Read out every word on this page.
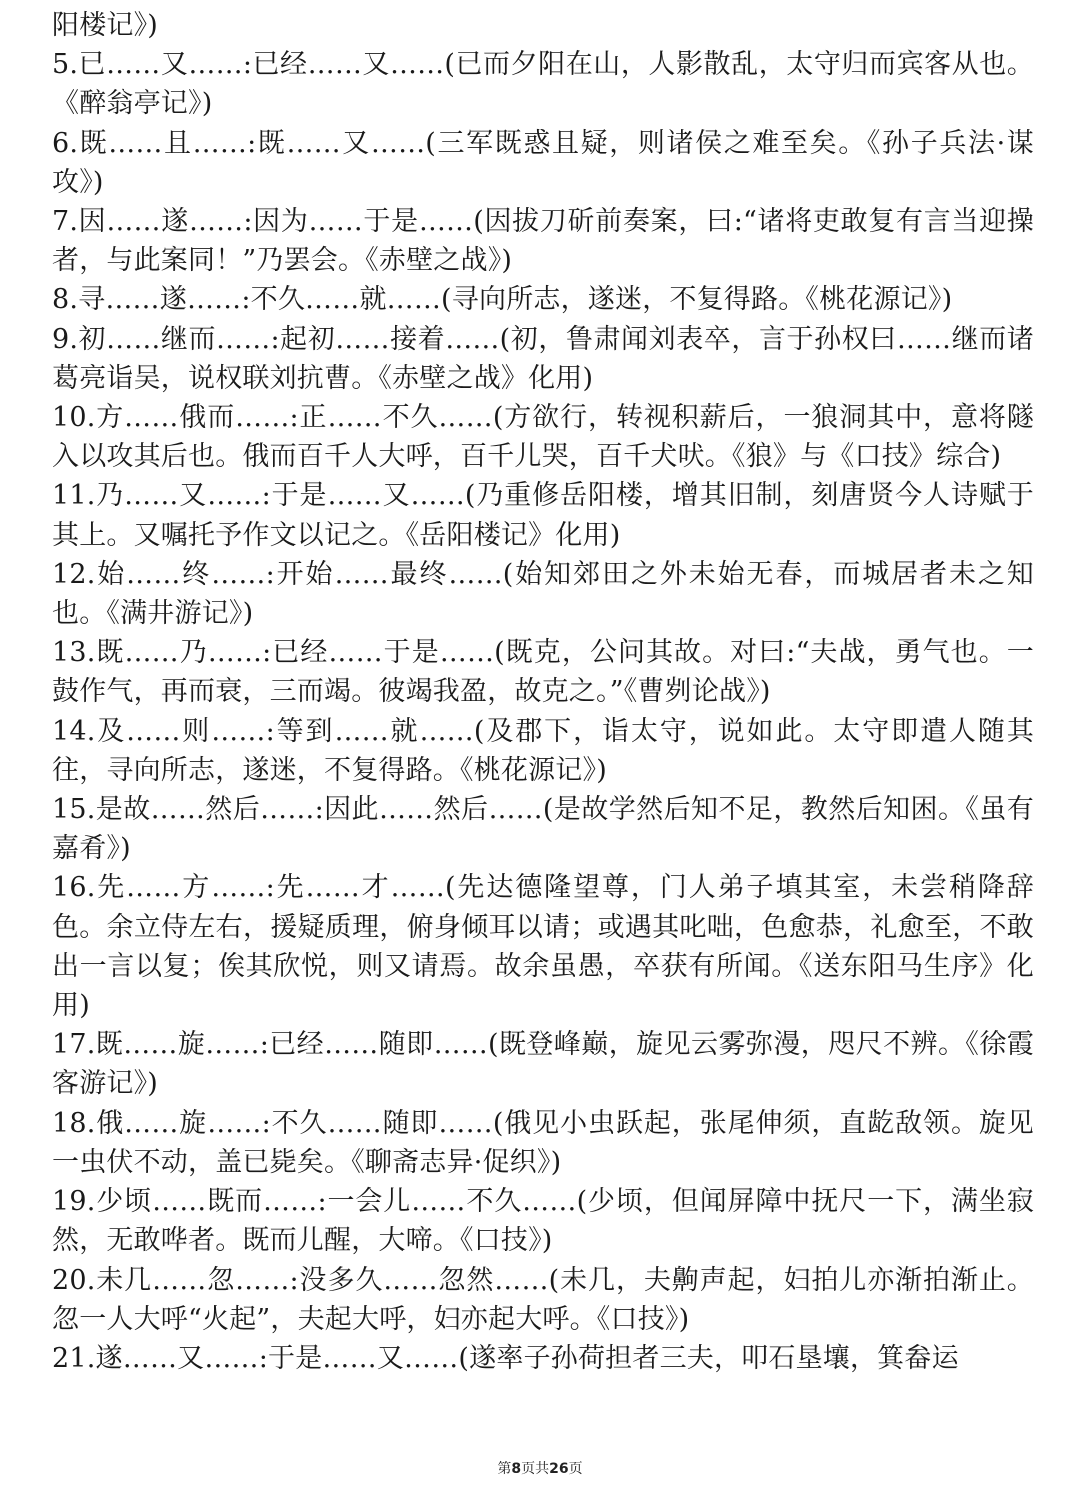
阳楼记》)

5.已……又……:已经……又……(已而夕阳在山，人影散乱，太守归而宾客从也。《醉翁亭记》)

6.既……且……:既……又……(三军既惑且疑，则诸侯之难至矣。《孙子兵法·谋攻》)

7.因……遂……:因为……于是……(因拔刀斫前奏案，曰:“诸将吏敢复有言当迎操者，与此案同！”乃罢会。《赤壁之战》)

8.寻……遂……:不久……就……(寻向所志，遂迷，不复得路。《桃花源记》)

9.初……继而……:起初……接着……(初，鲁肃闻刘表卒，言于孙权曰……继而诸葛亮诣吴，说权联刘抗曹。《赤壁之战》化用)

10.方……俄而……:正……不久……(方欲行，转视积薪后，一狼洞其中，意将隧入以攻其后也。俄而百千人大呼，百千儿哭，百千犬吠。《狼》与《口技》综合)

11.乃……又……:于是……又……(乃重修岳阳楼，增其旧制，刻唐贤今人诗赋于其上。又嘱托予作文以记之。《岳阳楼记》化用)

12.始……终……:开始……最终……(始知郊田之外未始无春，而城居者未之知也。《满井游记》)

13.既……乃……:已经……于是……(既克，公问其故。对曰:“夫战，勇气也。一鼓作气，再而衰，三而竭。彼竭我盈，故克之。”《曹刿论战》)

14.及……则……:等到……就……(及郡下，诣太守，说如此。太守即遣人随其往，寻向所志，遂迷，不复得路。《桃花源记》)

15.是故……然后……:因此……然后……(是故学然后知不足，教然后知困。《虽有嘉肴》)

16.先……方……:先……才……(先达德隆望尊，门人弟子填其室，未尝稍降辞色。余立侍左右，援疑质理，俯身倾耳以请；或遇其叱咄，色愈恭，礼愈至，不敢出一言以复；俟其欣悦，则又请焉。故余虽愚，卒获有所闻。《送东阳马生序》化用)

17.既……旋……:已经……随即……(既登峰巅，旋见云雾弥漫，咫尺不辨。《徐霞客游记》)

18.俄……旋……:不久……随即……(俄见小虫跃起，张尾伸须，直龁敌领。旋见一虫伏不动，盖已毙矣。《聊斋志异·促织》)

19.少顷……既而……:一会儿……不久……(少顷，但闻屏障中抚尺一下，满坐寂然，无敢哗者。既而儿醒，大啼。《口技》)

20.未几……忽……:没多久……忽然……(未几，夫齁声起，妇拍儿亦渐拍渐止。忽一人大呼“火起”，夫起大呼，妇亦起大呼。《口技》)

21.遂……又……:于是……又……(遂率子孙荷担者三夫，叩石垦壤，箕畚运

第8页共26页
